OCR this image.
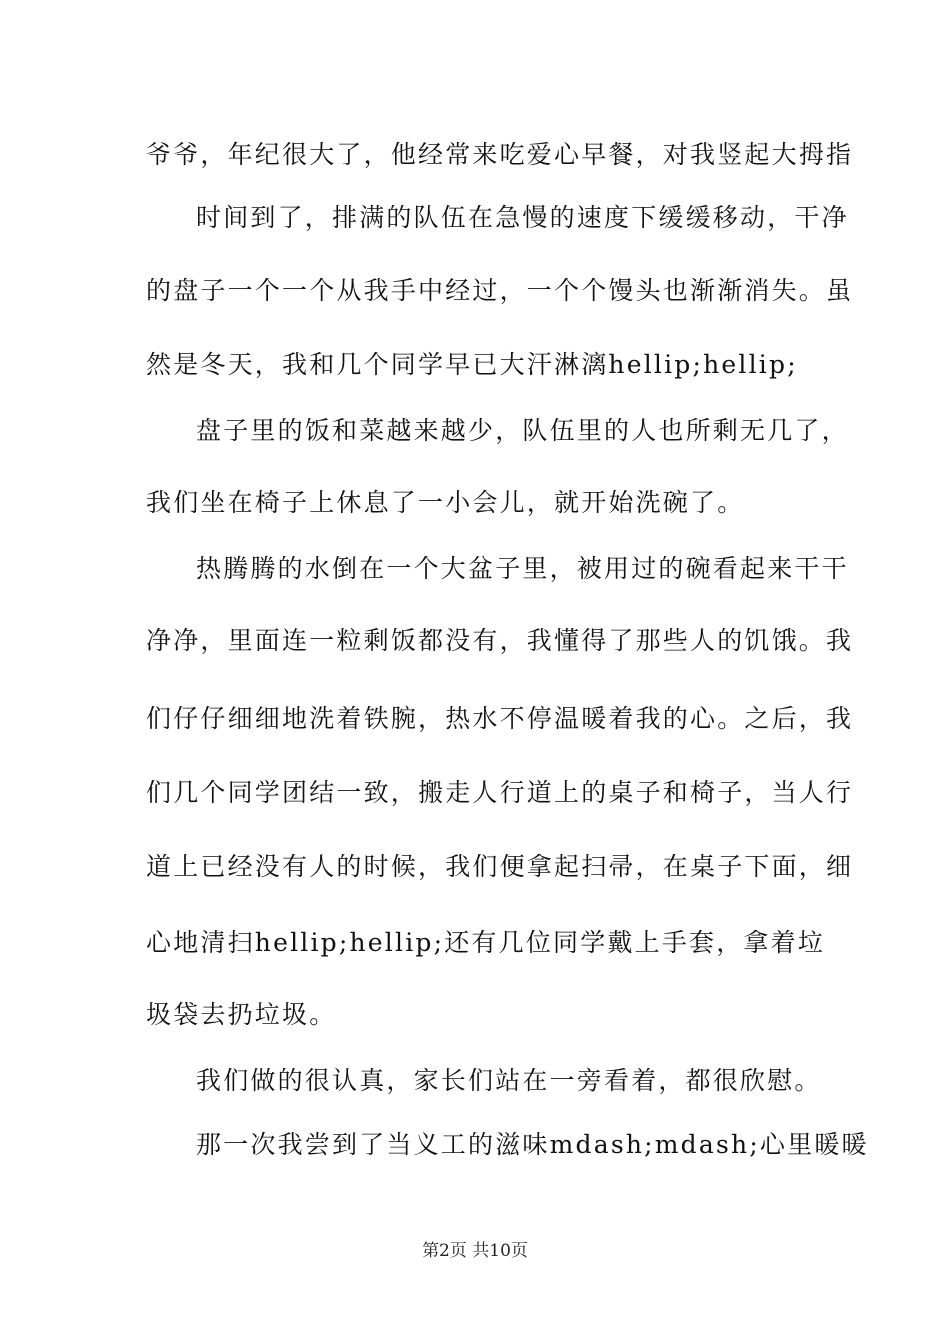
爷爷，年纪很大了，他经常来吃爱心早餐，对我竖起大拇指
时间到了，排满的队伍在急慢的速度下缓缓移动，干净
的盘子一个一个从我手中经过，一个个馒头也渐渐消失。虽
然是冬天，我和几个同学早已大汗淋漓hellip;hellip;
盘子里的饭和菜越来越少，队伍里的人也所剩无几了，
我们坐在椅子上休息了一小会儿，就开始洗碗了。
热腾腾的水倒在一个大盆子里，被用过的碗看起来干干
净净，里面连一粒剩饭都没有，我懂得了那些人的饥饿。我
们仔仔细细地洗着铁腕，热水不停温暖着我的心。之后，我
们几个同学团结一致，搬走人行道上的桌子和椅子，当人行
道上已经没有人的时候，我们便拿起扫帚，在桌子下面，细
心地清扫hellip;hellip;还有几位同学戴上手套，拿着垃
圾袋去扔垃圾。
我们做的很认真，家长们站在一旁看着，都很欣慰。
那一次我尝到了当义工的滋味mdash;mdash;心里暖暖
第2页 共10页
